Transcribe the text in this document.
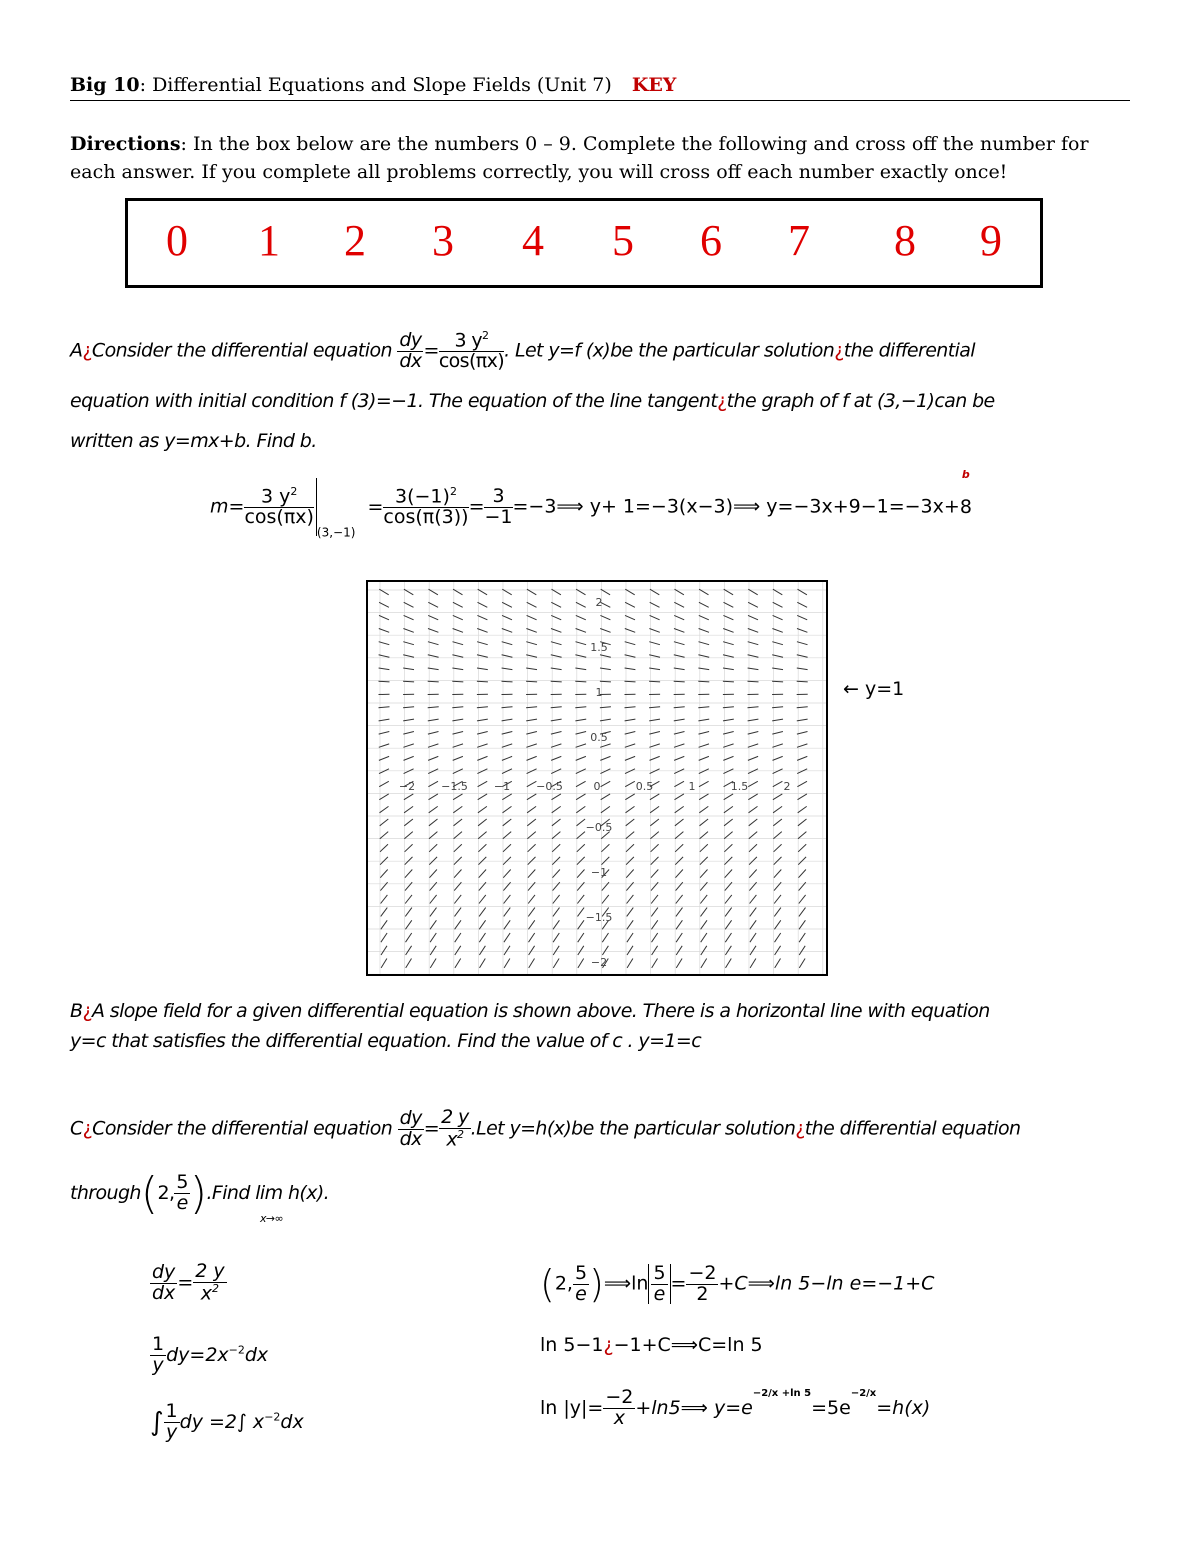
Big 10: Differential Equations and Slope Fields (Unit 7) KEY
Directions: In the box below are the numbers 0 – 9. Complete the following and cross off the number for each answer. If you complete all problems correctly, you will cross off each number exactly once!
0 1 2 3 4 5 6 7 8 9
A¿Consider the differential equation $\frac{dy}{dx} = \frac{3 y^2}{\cos(\pi x)}$ . Let y=f (x)be the particular solution¿the differential
equation with initial condition f (3)=−1. The equation of the line tangent¿the graph of f at (3,−1)can be
written as y=mx+b. Find b.
$m= \frac{3 y^2}{\cos(\pi x)}$
$_{(3,-1)} = \frac{3(-1)^2}{\cos(\pi(3))} = \frac{3}{-1}$ =−3⟹ y+ 1=−3(x−3)⟹ y=−3x+9−1=−3x+
b
8
−2 −1.5 −1 −0.5	0	0.5	1	1.5	2
2
1.5
1
0.5
−0.5
−1
−1.5
−2
← y=1
B¿A slope field for a given differential equation is shown above. There is a horizontal line with equation
y=c that satisfies the differential equation. Find the value of c . y=1=c
C¿Consider the differential equation $\frac{dy}{dx} = \frac{2 y}{x^2} .Let$ y=h(x)be the particular solution¿the differential equation
through(2, $\frac{5}{e}$ ).Find lim h(x).
x→∞
$\frac{dy}{dx} = \frac{2 y}{x^2}$
$\frac{1}{y} dy=2x^{-2}dx$
∫ $\frac{1}{y}$ dy =2∫ $x^{-2}dx$
(2, $\frac{5}{e}$ )⟹ln $\frac{5}{e} = \frac{-2}{2}$ +C⟹ln 5−ln e=−1+C
ln 5−1¿−1+C⟹C=ln 5
$\ln |y|= \frac{-2}{x}$ +ln5⟹ $y=e^{-2/x +ln 5}=5e^{-2/x}=h(x)$
